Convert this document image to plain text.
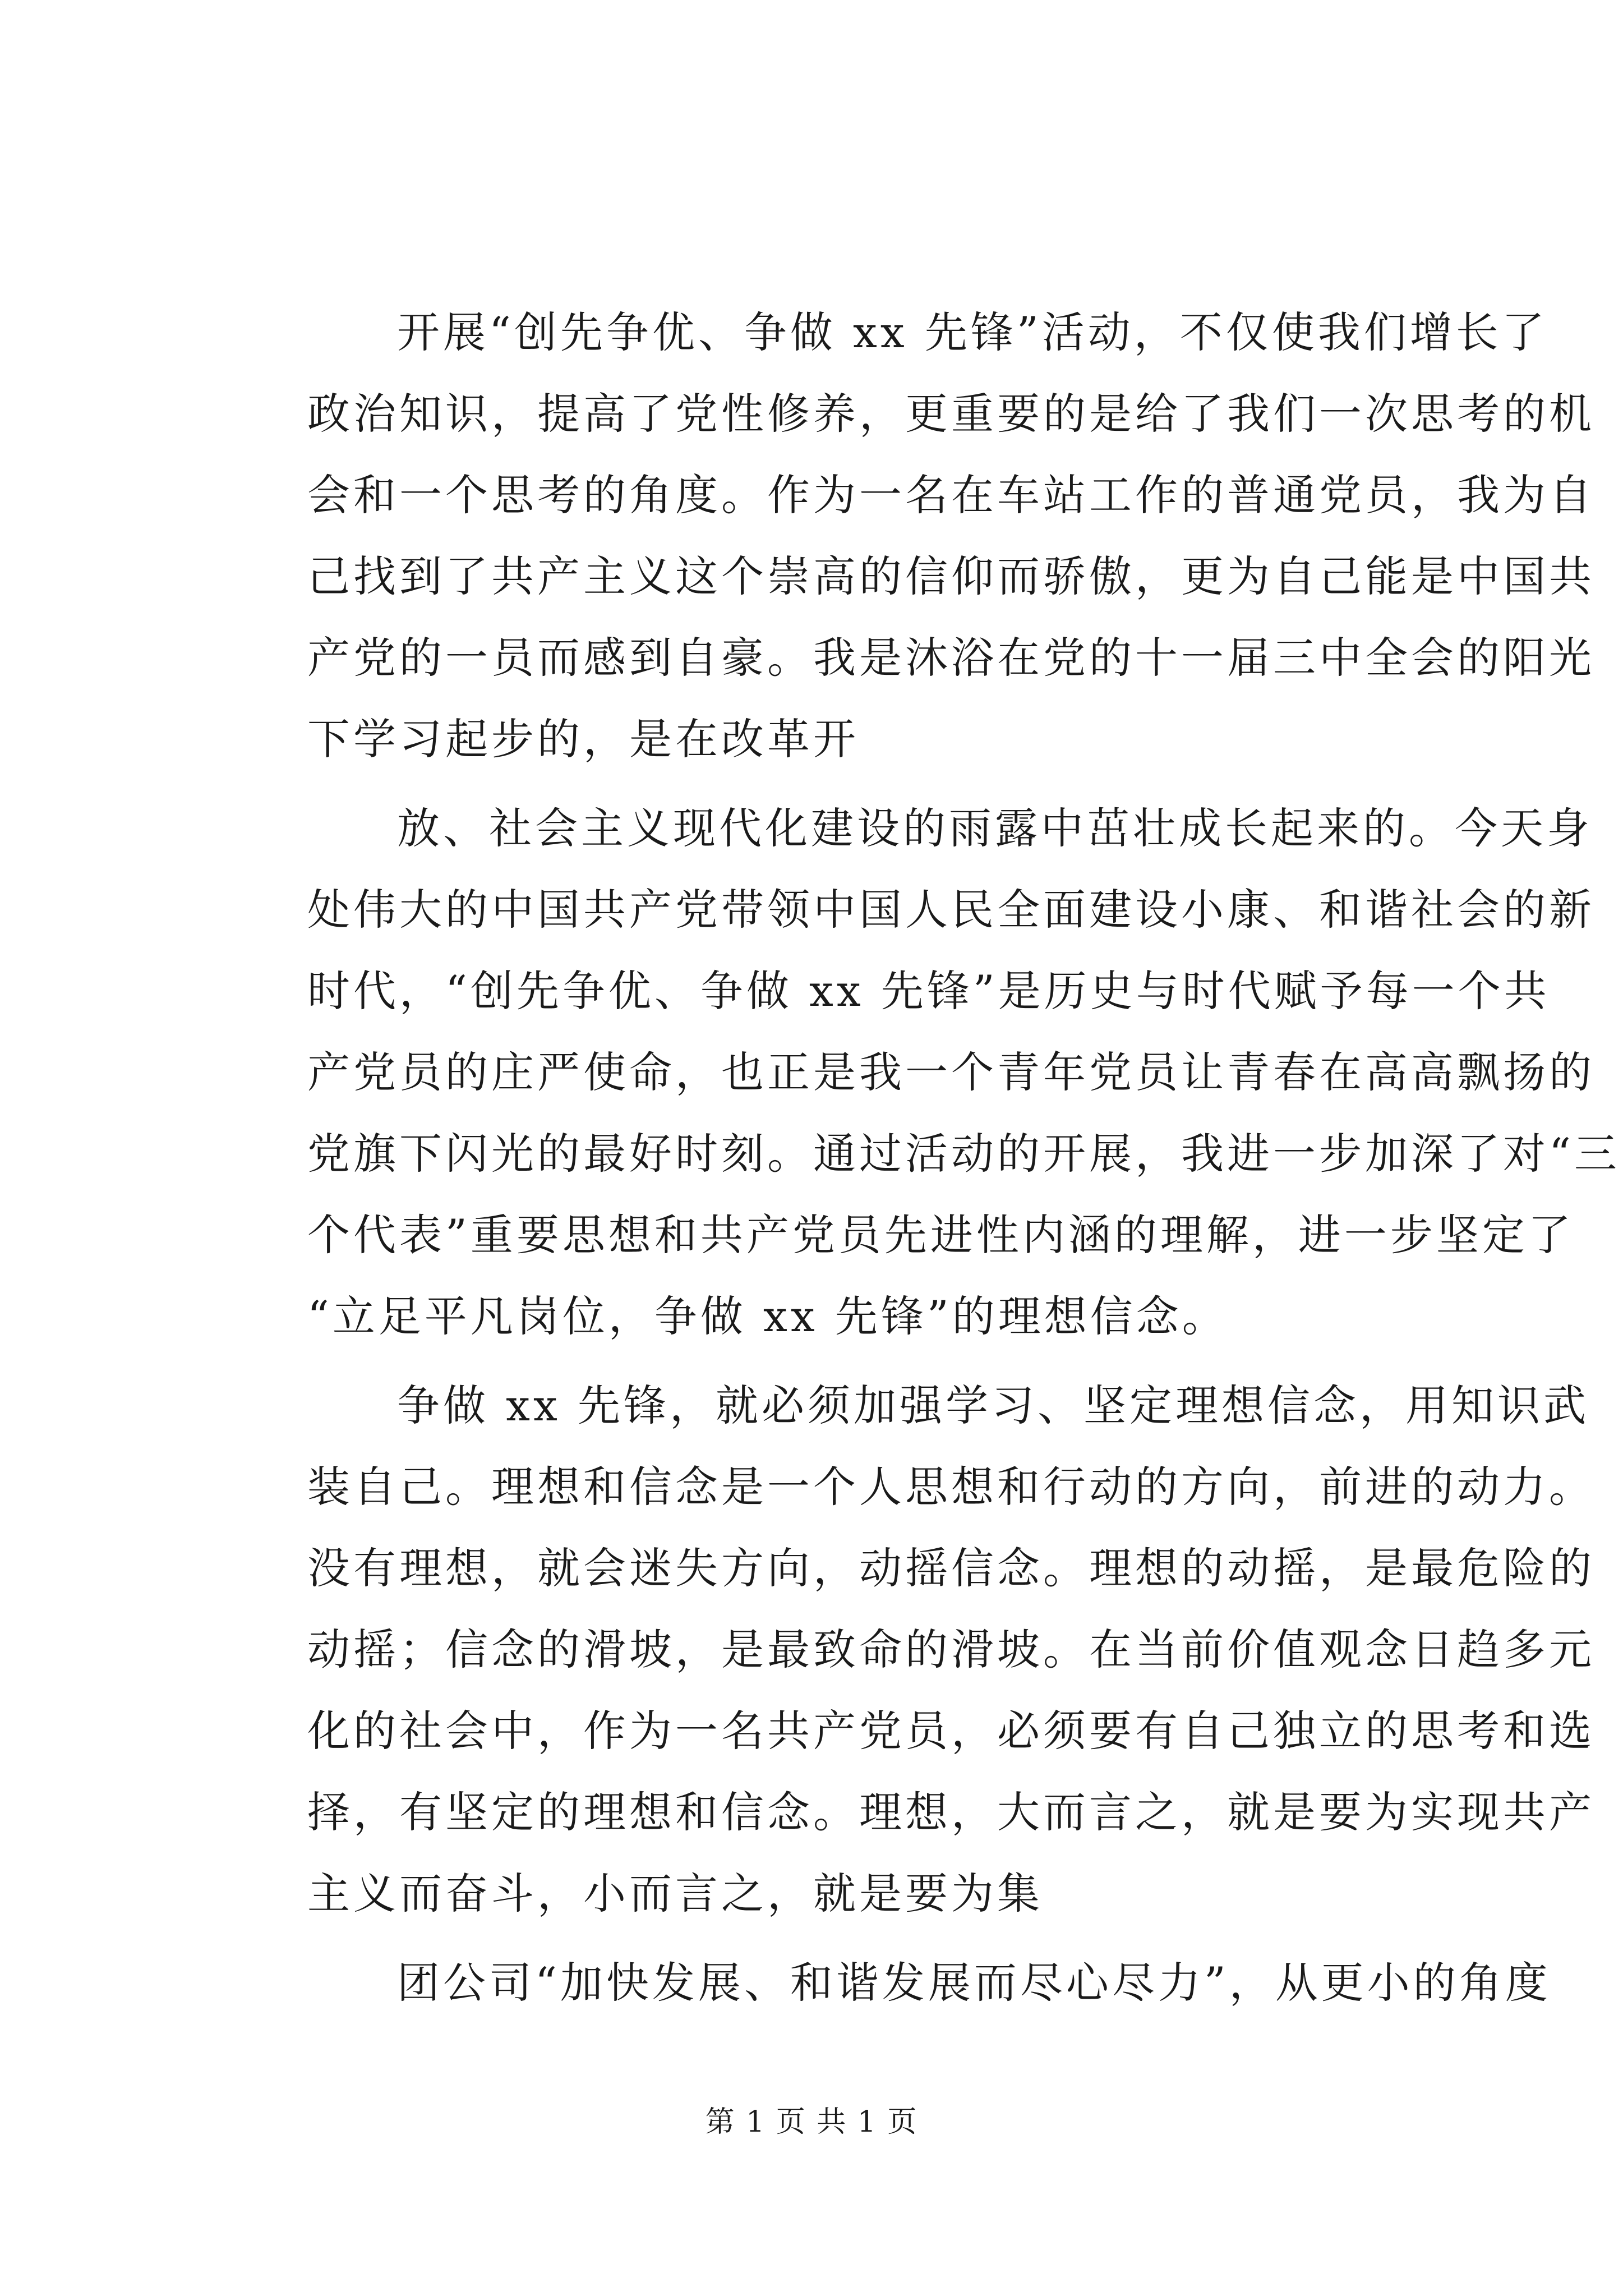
开展“创先争优、争做 xx 先锋”活动，不仅使我们增长了
政治知识，提高了党性修养，更重要的是给了我们一次思考的机
会和一个思考的角度。作为一名在车站工作的普通党员，我为自
己找到了共产主义这个崇高的信仰而骄傲，更为自己能是中国共
产党的一员而感到自豪。我是沐浴在党的十一届三中全会的阳光
下学习起步的，是在改革开
放、社会主义现代化建设的雨露中茁壮成长起来的。今天身
处伟大的中国共产党带领中国人民全面建设小康、和谐社会的新
时代，“创先争优、争做 xx 先锋”是历史与时代赋予每一个共
产党员的庄严使命，也正是我一个青年党员让青春在高高飘扬的
党旗下闪光的最好时刻。通过活动的开展，我进一步加深了对“三
个代表”重要思想和共产党员先进性内涵的理解，进一步坚定了
“立足平凡岗位，争做 xx 先锋”的理想信念。
争做 xx 先锋，就必须加强学习、坚定理想信念，用知识武
装自己。理想和信念是一个人思想和行动的方向，前进的动力。
没有理想，就会迷失方向，动摇信念。理想的动摇，是最危险的
动摇；信念的滑坡，是最致命的滑坡。在当前价值观念日趋多元
化的社会中，作为一名共产党员，必须要有自己独立的思考和选
择，有坚定的理想和信念。理想，大而言之，就是要为实现共产
主义而奋斗，小而言之，就是要为集
团公司“加快发展、和谐发展而尽心尽力”，从更小的角度
第 1 页 共 1 页
